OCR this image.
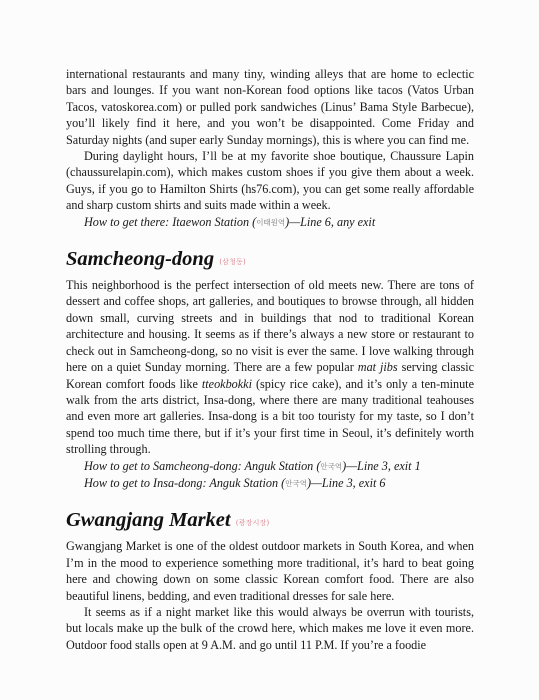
international restaurants and many tiny, winding alleys that are home to eclectic bars and lounges. If you want non-Korean food options like tacos (Vatos Urban Tacos, vatoskorea.com) or pulled pork sandwiches (Linus’ Bama Style Barbecue), you’ll likely find it here, and you won’t be disappointed. Come Friday and Saturday nights (and super early Sunday mornings), this is where you can find me.

During daylight hours, I’ll be at my favorite shoe boutique, Chaussure Lapin (chaussurelapin.com), which makes custom shoes if you give them about a week. Guys, if you go to Hamilton Shirts (hs76.com), you can get some really affordable and sharp custom shirts and suits made within a week.

How to get there: Itaewon Station (이태원역)—Line 6, any exit

Samcheong-dong (삼청동)

This neighborhood is the perfect intersection of old meets new. There are tons of dessert and coffee shops, art galleries, and boutiques to browse through, all hidden down small, curving streets and in buildings that nod to traditional Korean architecture and housing. It seems as if there’s always a new store or restaurant to check out in Samcheong-dong, so no visit is ever the same. I love walking through here on a quiet Sunday morning. There are a few popular mat jibs serving classic Korean comfort foods like tteokbokki (spicy rice cake), and it’s only a ten-minute walk from the arts district, Insa-dong, where there are many traditional teahouses and even more art galleries. Insa-dong is a bit too touristy for my taste, so I don’t spend too much time there, but if it’s your first time in Seoul, it’s definitely worth strolling through.

How to get to Samcheong-dong: Anguk Station (안국역)—Line 3, exit 1

How to get to Insa-dong: Anguk Station (안국역)—Line 3, exit 6

Gwangjang Market (광장시장)

Gwangjang Market is one of the oldest outdoor markets in South Korea, and when I’m in the mood to experience something more traditional, it’s hard to beat going here and chowing down on some classic Korean comfort food. There are also beautiful linens, bedding, and even traditional dresses for sale here.

It seems as if a night market like this would always be overrun with tourists, but locals make up the bulk of the crowd here, which makes me love it even more. Outdoor food stalls open at 9 A.M. and go until 11 P.M. If you’re a foodie
